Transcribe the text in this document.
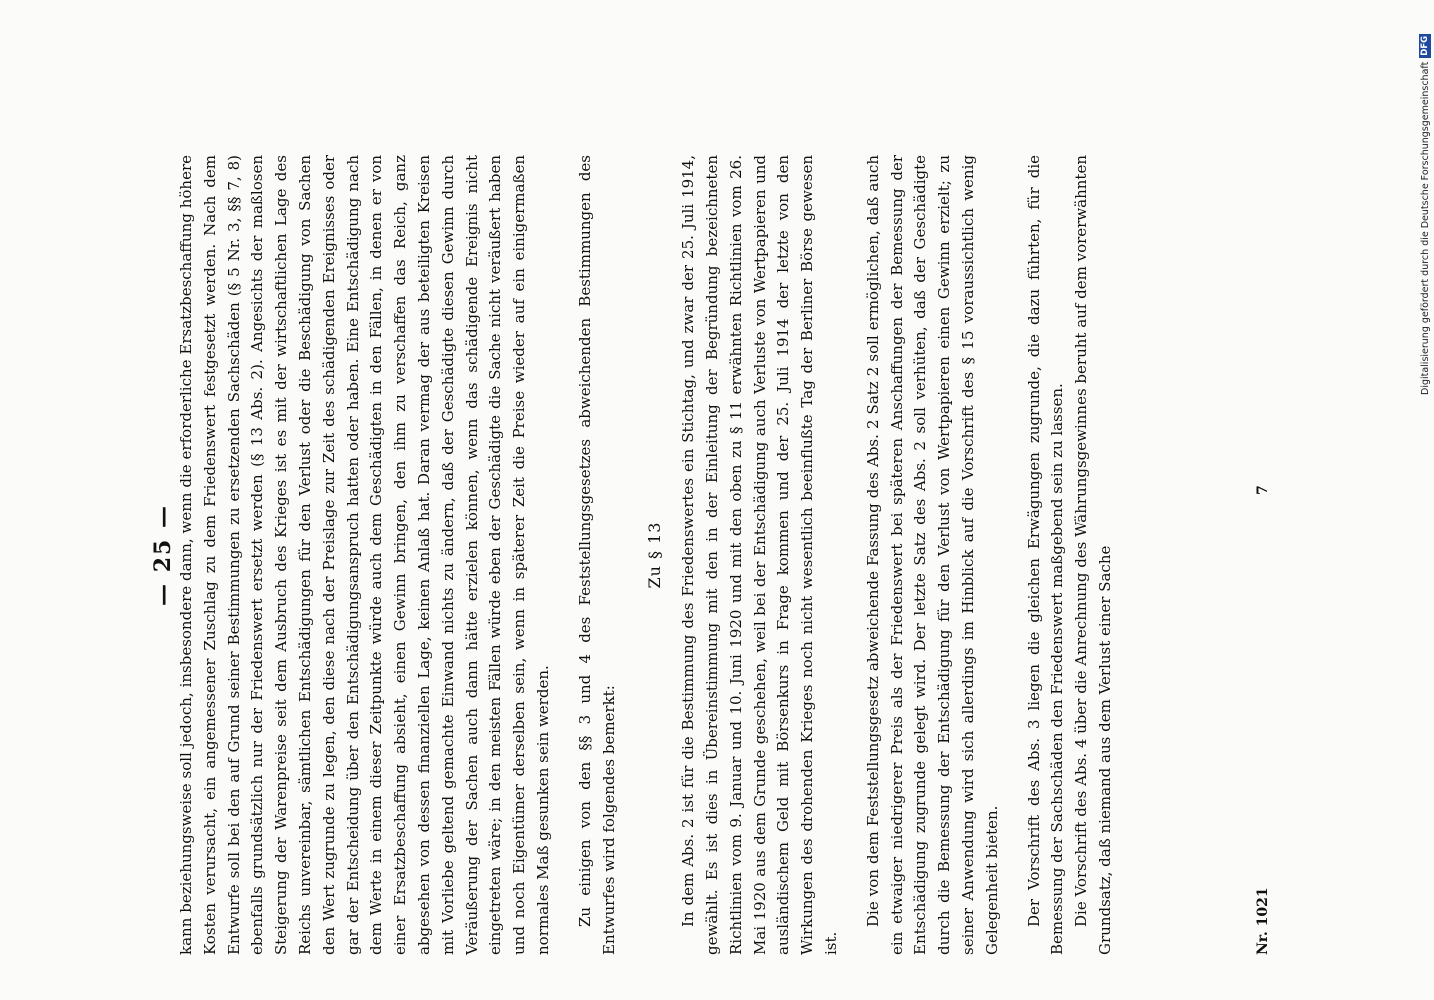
— 25 — kann beziehungsweise soll jedoch, insbesondere dann, wenn die erforderliche Ersatzbeschaffung höhere Kosten verursacht, ein angemessener Zuschlag zu dem Friedenswert festgesetzt werden. Nach dem Entwurfe soll bei den auf Grund seiner Bestimmungen zu ersetzenden Sachschäden (§ 5 Nr. 3, §§ 7, 8) ebenfalls grundsätzlich nur der Friedenswert ersetzt werden (§ 13 Abs. 2). Angesichts der maßlosen Steigerung der Warenpreise seit dem Ausbruch des Krieges ist es mit der wirtschaftlichen Lage des Reichs unvereinbar, sämtlichen Entschädigungen für den Verlust oder die Beschädigung von Sachen den Wert zugrunde zu legen, den diese nach der Preislage zur Zeit des schädigenden Ereignisses oder gar der Entscheidung über den Entschädigungsanspruch hatten oder haben. Eine Entschädigung nach dem Werte in einem dieser Zeitpunkte würde auch dem Geschädigten in den Fällen, in denen er von einer Ersatzbeschaffung absieht, einen Gewinn bringen, den ihm zu verschaffen das Reich, ganz abgesehen von dessen finanziellen Lage, keinen Anlaß hat. Daran vermag der aus beteiligten Kreisen mit Vorliebe geltend gemachte Einwand nichts zu ändern, daß der Geschädigte diesen Gewinn durch Veräußerung der Sachen auch dann hätte erzielen können, wenn das schädigende Ereignis nicht eingetreten wäre; in den meisten Fällen würde eben der Geschädigte die Sache nicht veräußert haben und noch Eigentümer derselben sein, wenn in späterer Zeit die Preise wieder auf ein einigermaßen normales Maß gesunken sein werden. Zu einigen von den §§ 3 und 4 des Feststellungsgesetzes abweichenden Bestimmungen des Entwurfes wird folgendes bemerkt:

Zu § 13 In dem Abs. 2 ist für die Bestimmung des Friedenswertes ein Stichtag, und zwar der 25. Juli 1914, gewählt. Es ist dies in Übereinstimmung mit den in der Einleitung der Begründung bezeichneten Richtlinien vom 9. Januar und 10. Juni 1920 und mit den oben zu § 11 erwähnten Richtlinien vom 26. Mai 1920 aus dem Grunde geschehen, weil bei der Entschädigung auch Verluste von Wertpapieren und ausländischem Geld mit Börsenkurs in Frage kommen und der 25. Juli 1914 der letzte von den Wirkungen des drohenden Krieges noch nicht wesentlich beeinflußte Tag der Berliner Börse gewesen ist.

Die von dem Feststellungsgesetz abweichende Fassung des Abs. 2 Satz 2 soll ermöglichen, daß auch ein etwaiger niedrigerer Preis als der Friedenswert bei späteren Anschaffungen der Bemessung der Entschädigung zugrunde gelegt wird. Der letzte Satz des Abs. 2 soll verhüten, daß der Geschädigte durch die Bemessung der Entschädigung für den Verlust von Wertpapieren einen Gewinn erzielt; zu seiner Anwendung wird sich allerdings im Hinblick auf die Vorschrift des § 15 voraussichtlich wenig Gelegenheit bieten. Der Vorschrift des Abs. 3 liegen die gleichen Erwägungen zugrunde, die dazu führten, für die Bemessung der Sachschäden den Friedenswert maßgebend sein zu lassen. Die Vorschrift des Abs. 4 über die Anrechnung des Währungsgewinnes beruht auf dem vorerwähnten Grundsatz, daß niemand aus dem Verlust einer Sache	Nr. 1021
7
Digitalisierung gefördert durch die Deutsche Forschungsgemeinschaft
DFG
